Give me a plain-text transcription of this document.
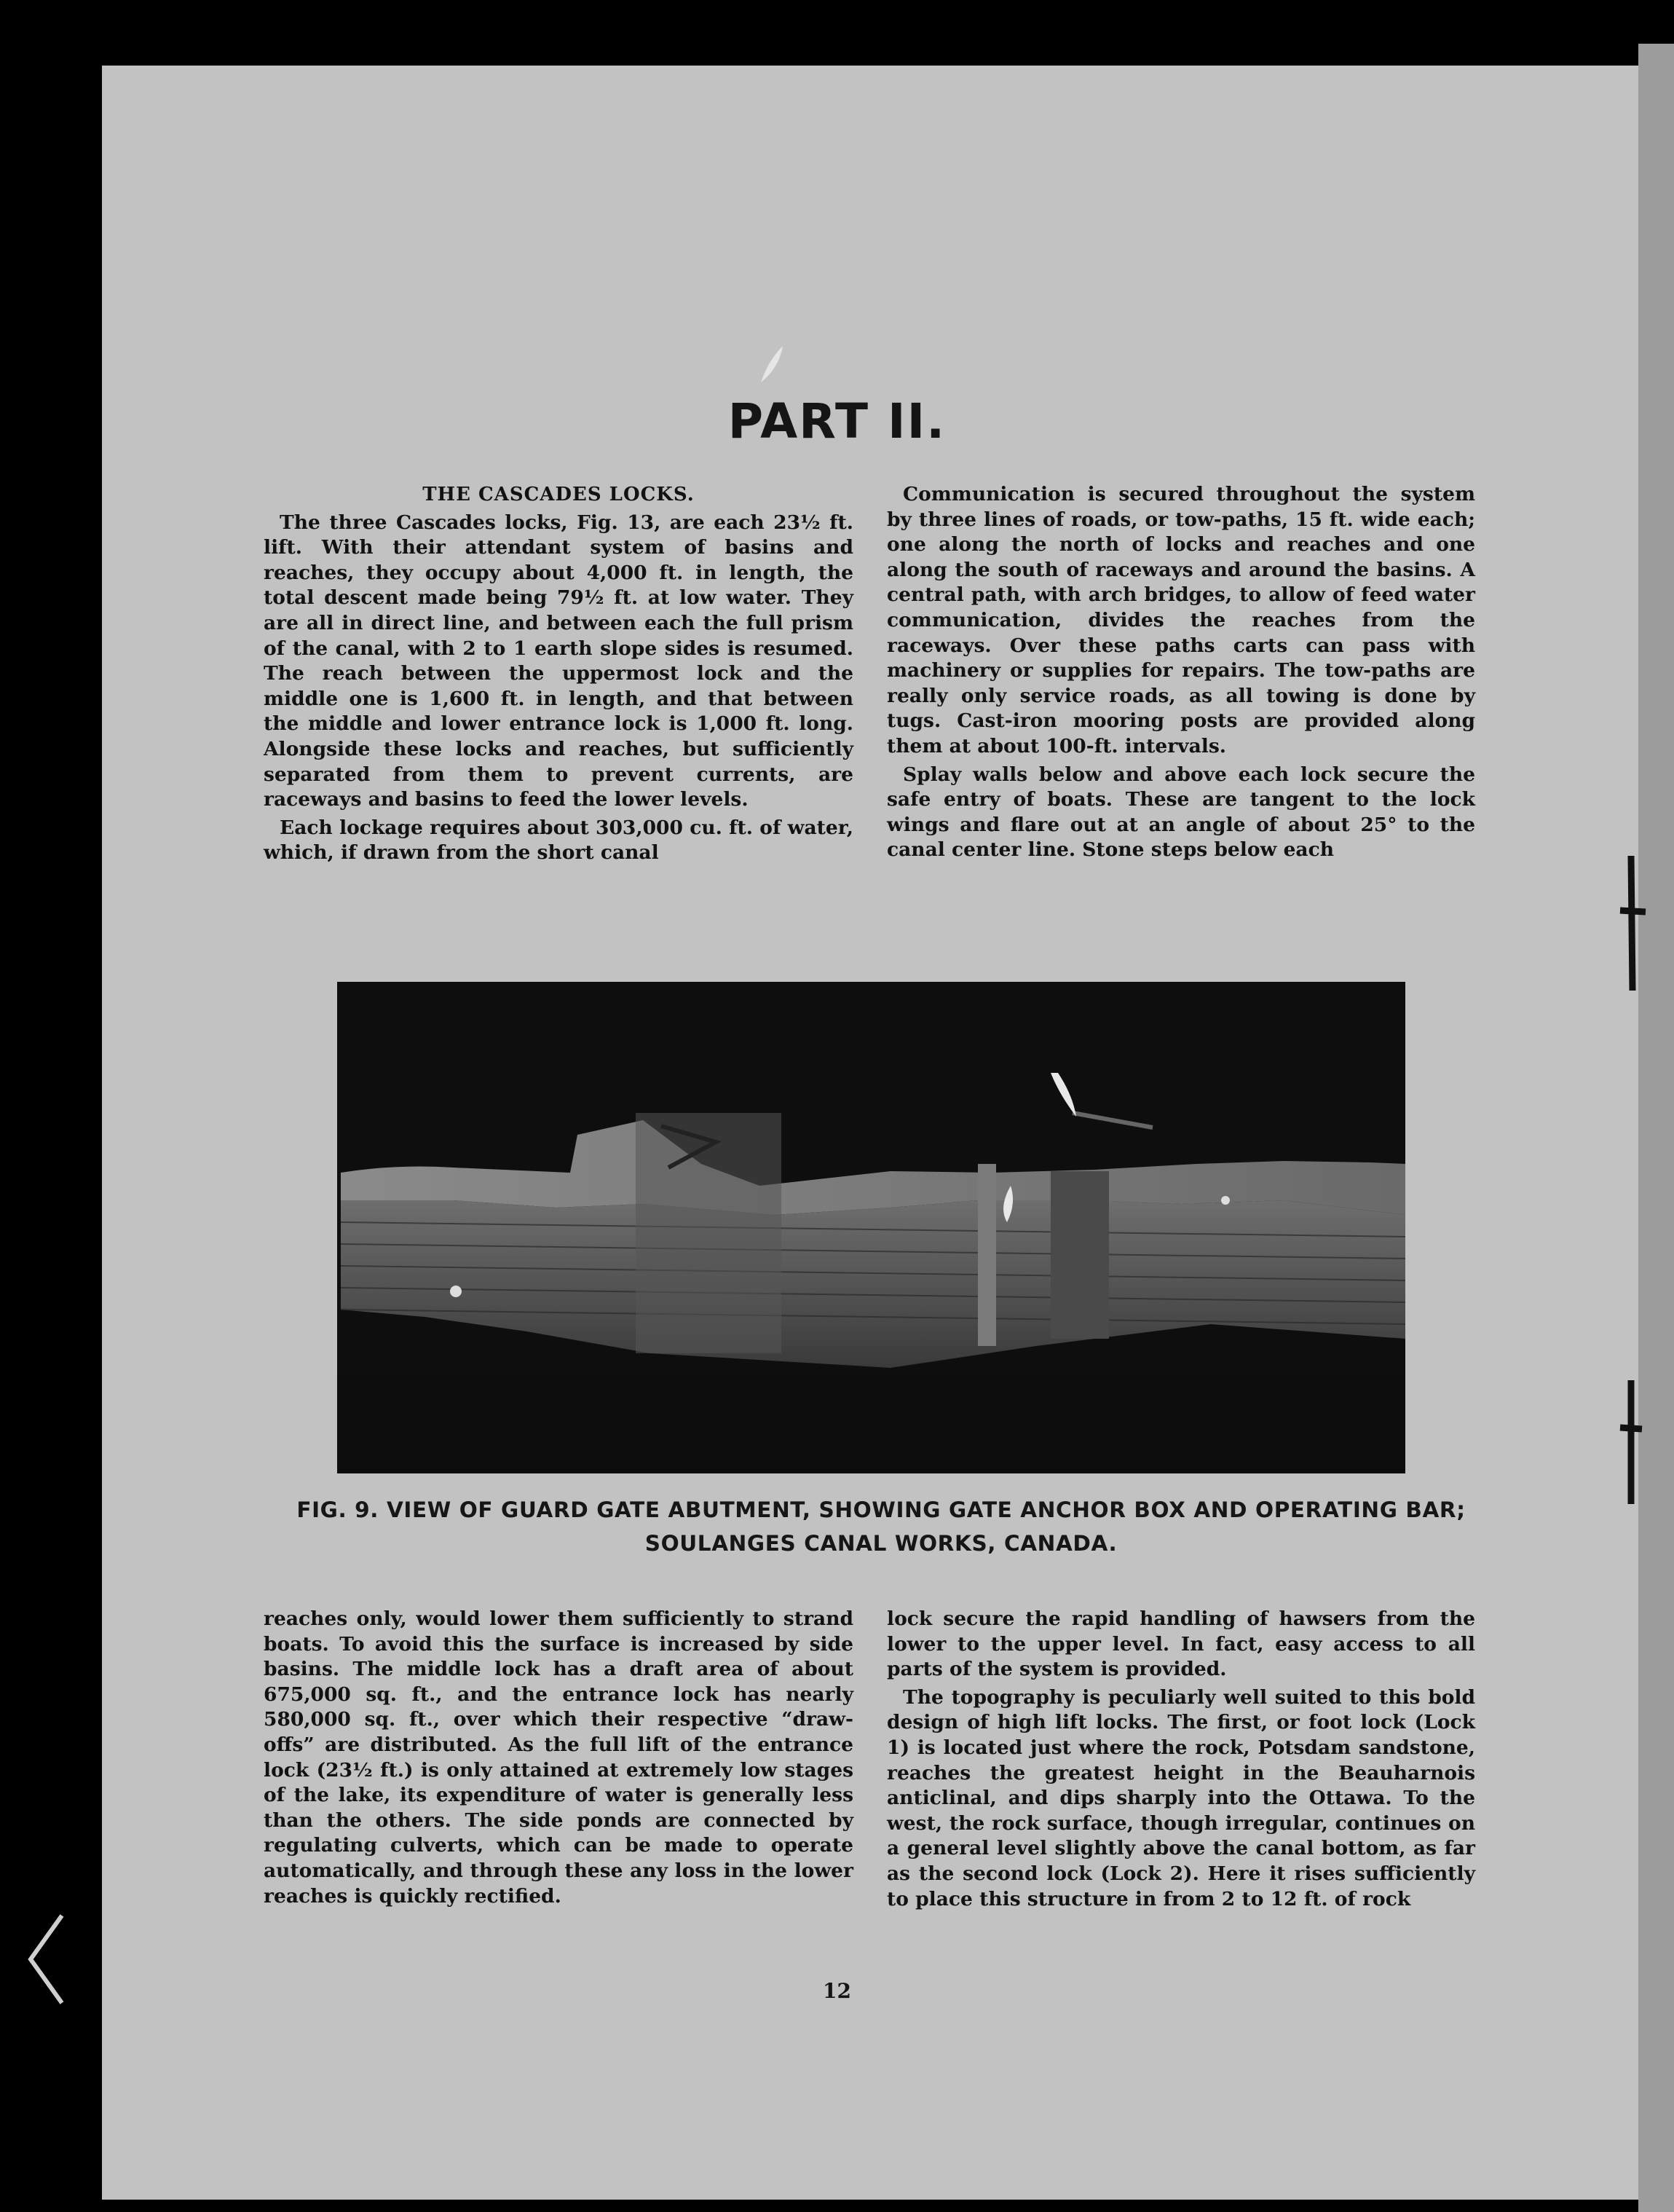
PART II.
THE CASCADES LOCKS.

The three Cascades locks, Fig. 13, are each 23½ ft. lift. With their attendant system of basins and reaches, they occupy about 4,000 ft. in length, the total descent made being 79½ ft. at low water. They are all in direct line, and between each the full prism of the canal, with 2 to 1 earth slope sides is resumed. The reach between the uppermost lock and the middle one is 1,600 ft. in length, and that between the middle and lower entrance lock is 1,000 ft. long. Alongside these locks and reaches, but sufficiently separated from them to prevent currents, are raceways and basins to feed the lower levels.

Each lockage requires about 303,000 cu. ft. of water, which, if drawn from the short canal

Communication is secured throughout the system by three lines of roads, or tow-paths, 15 ft. wide each; one along the north of locks and reaches and one along the south of raceways and around the basins. A central path, with arch bridges, to allow of feed water communication, divides the reaches from the raceways. Over these paths carts can pass with machinery or supplies for repairs. The tow-paths are really only service roads, as all towing is done by tugs. Cast-iron mooring posts are provided along them at about 100-ft. intervals.

Splay walls below and above each lock secure the safe entry of boats. These are tangent to the lock wings and flare out at an angle of about 25° to the canal center line. Stone steps below each

FIG. 9. VIEW OF GUARD GATE ABUTMENT, SHOWING GATE ANCHOR BOX AND OPERATING BAR; SOULANGES CANAL WORKS, CANADA.

reaches only, would lower them sufficiently to strand boats. To avoid this the surface is increased by side basins. The middle lock has a draft area of about 675,000 sq. ft., and the entrance lock has nearly 580,000 sq. ft., over which their respective “draw-offs” are distributed. As the full lift of the entrance lock (23½ ft.) is only attained at extremely low stages of the lake, its expenditure of water is generally less than the others. The side ponds are connected by regulating culverts, which can be made to operate automatically, and through these any loss in the lower reaches is quickly rectified.

lock secure the rapid handling of hawsers from the lower to the upper level. In fact, easy access to all parts of the system is provided.

The topography is peculiarly well suited to this bold design of high lift locks. The first, or foot lock (Lock 1) is located just where the rock, Potsdam sandstone, reaches the greatest height in the Beauharnois anticlinal, and dips sharply into the Ottawa. To the west, the rock surface, though irregular, continues on a general level slightly above the canal bottom, as far as the second lock (Lock 2). Here it rises sufficiently to place this structure in from 2 to 12 ft. of rock

12
